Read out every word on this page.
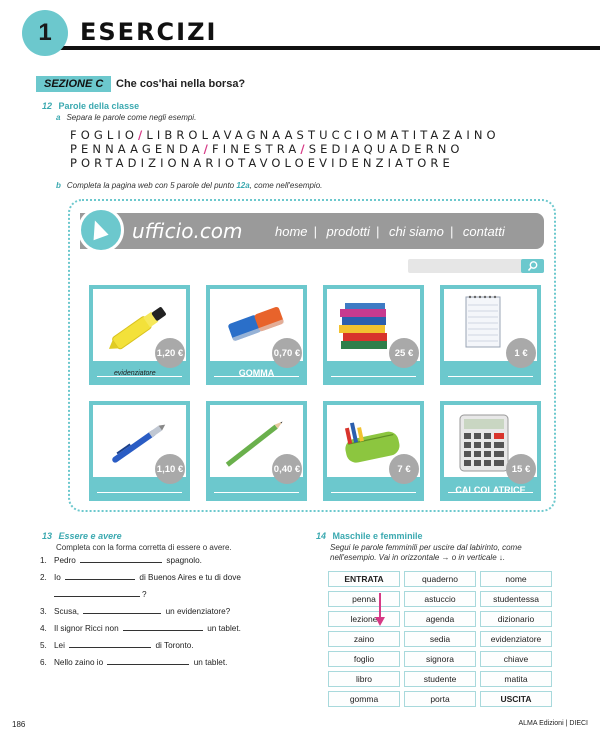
1 ESERCIZI
SEZIONE C	Che cos'hai nella borsa?
12 Parole della classe
a Separa le parole come negli esempi.
FOGLIO/LIBROLAVAGNAASTUCCIOMATITAZAINO
PENNAAGENDA/FINESTRA/SEDIAQUADERNO
PORTADIZIONARIOTAVOLOEVIDENZIATORE
b Completa la pagina web con 5 parole del punto 12a, come nell'esempio.
ufficio.com home | prodotti | chi siamo | contatti
1,20 €
evidenziatore
0,70 €
GOMMA
25 €	1 €
1,10 €	0,40 €	7 €	15 €
CALCOLATRICE
13 Essere e avere
Completa con la forma corretta di essere o avere.
1. Pedro	spagnolo.
2. Io	di Buenos Aires e tu di dove
?
3. Scusa,	un evidenziatore?
4. Il signor Ricci non	un tablet.
5. Lei	di Toronto.
6. Nello zaino io	un tablet.
14 Maschile e femminile
Segui le parole femminili per uscire dal labirinto, come
nell'esempio. Vai in orizzontale → o in verticale ↓.
ENTRATA	quaderno	nome
penna	astuccio	studentessa
lezione	agenda	dizionario
zaino	sedia	evidenziatore
foglio	signora	chiave
libro	studente	matita
gomma	porta	USCITA
186	ALMA Edizioni | DIECI
